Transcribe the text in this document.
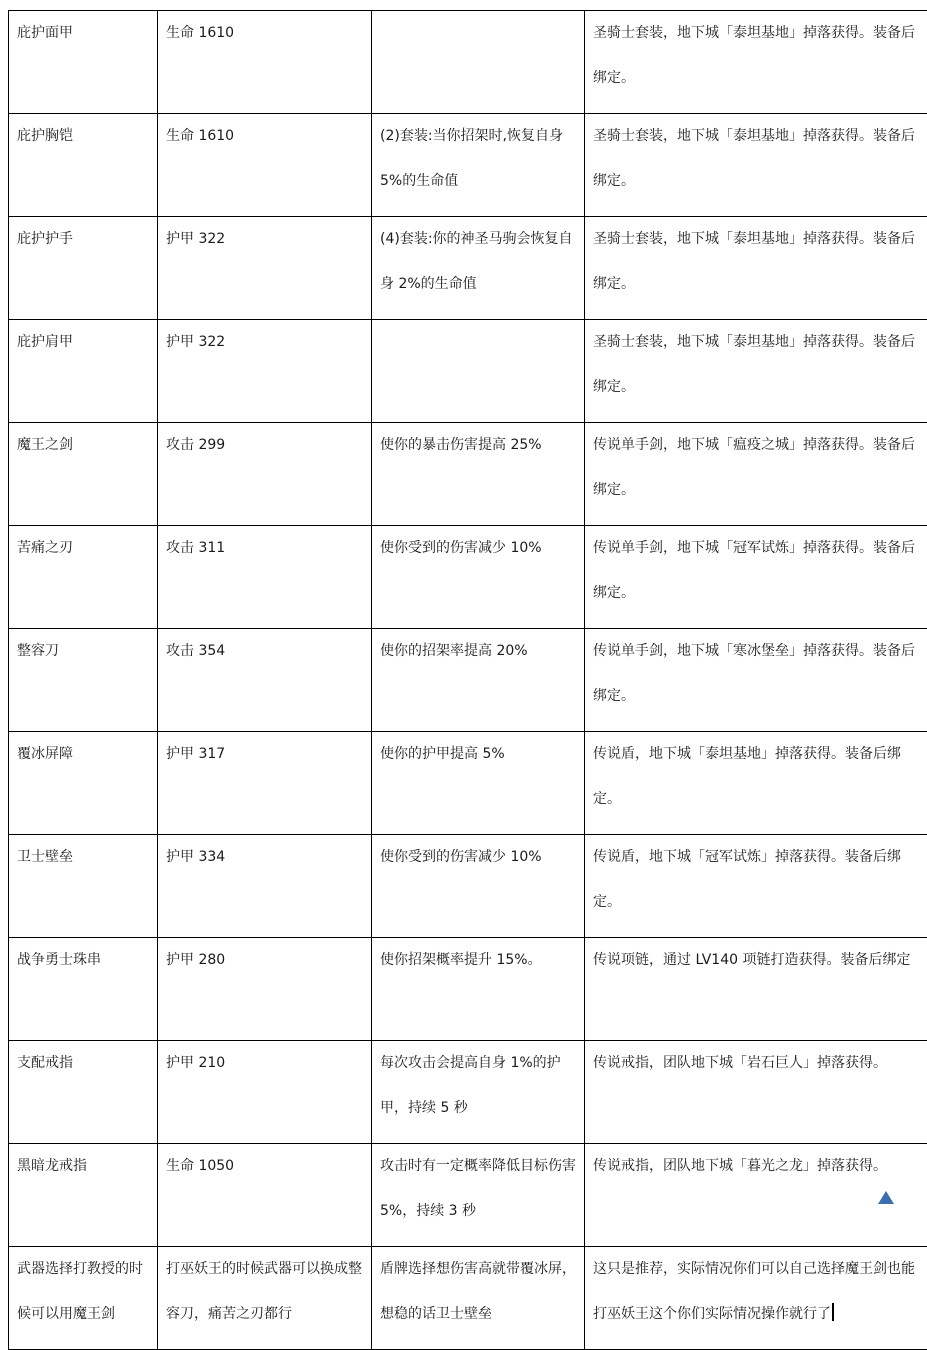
庇护面甲	生命 1610		圣骑士套装，地下城「泰坦基地」掉落获得。装备后绑定。

庇护胸铠	生命 1610	(2)套装:当你招架时,恢复自身5%的生命值	圣骑士套装，地下城「泰坦基地」掉落获得。装备后绑定。

庇护护手	护甲 322	(4)套装:你的神圣马驹会恢复自身 2%的生命值	圣骑士套装，地下城「泰坦基地」掉落获得。装备后绑定。

庇护肩甲	护甲 322		圣骑士套装，地下城「泰坦基地」掉落获得。装备后绑定。

魔王之剑	攻击 299	使你的暴击伤害提高 25%	传说单手剑，地下城「瘟疫之城」掉落获得。装备后绑定。

苦痛之刃	攻击 311	使你受到的伤害减少 10%	传说单手剑，地下城「冠军试炼」掉落获得。装备后绑定。

整容刀	攻击 354	使你的招架率提高 20%	传说单手剑，地下城「寒冰堡垒」掉落获得。装备后绑定。

覆冰屏障	护甲 317	使你的护甲提高 5%	传说盾，地下城「泰坦基地」掉落获得。装备后绑定。

卫士壁垒	护甲 334	使你受到的伤害减少 10%	传说盾，地下城「冠军试炼」掉落获得。装备后绑定。

战争勇士珠串	护甲 280	使你招架概率提升 15%。	传说项链，通过 LV140 项链打造获得。装备后绑定

支配戒指	护甲 210	每次攻击会提高自身 1%的护甲，持续 5 秒	传说戒指，团队地下城「岩石巨人」掉落获得。

黑暗龙戒指	生命 1050	攻击时有一定概率降低目标伤害 5%，持续 3 秒	传说戒指，团队地下城「暮光之龙」掉落获得。

武器选择打教授的时候可以用魔王剑	打巫妖王的时候武器可以换成整容刀，痛苦之刃都行	盾牌选择想伤害高就带覆冰屏，想稳的话卫士壁垒	这只是推荐，实际情况你们可以自己选择魔王剑也能打巫妖王这个你们实际情况操作就行了
